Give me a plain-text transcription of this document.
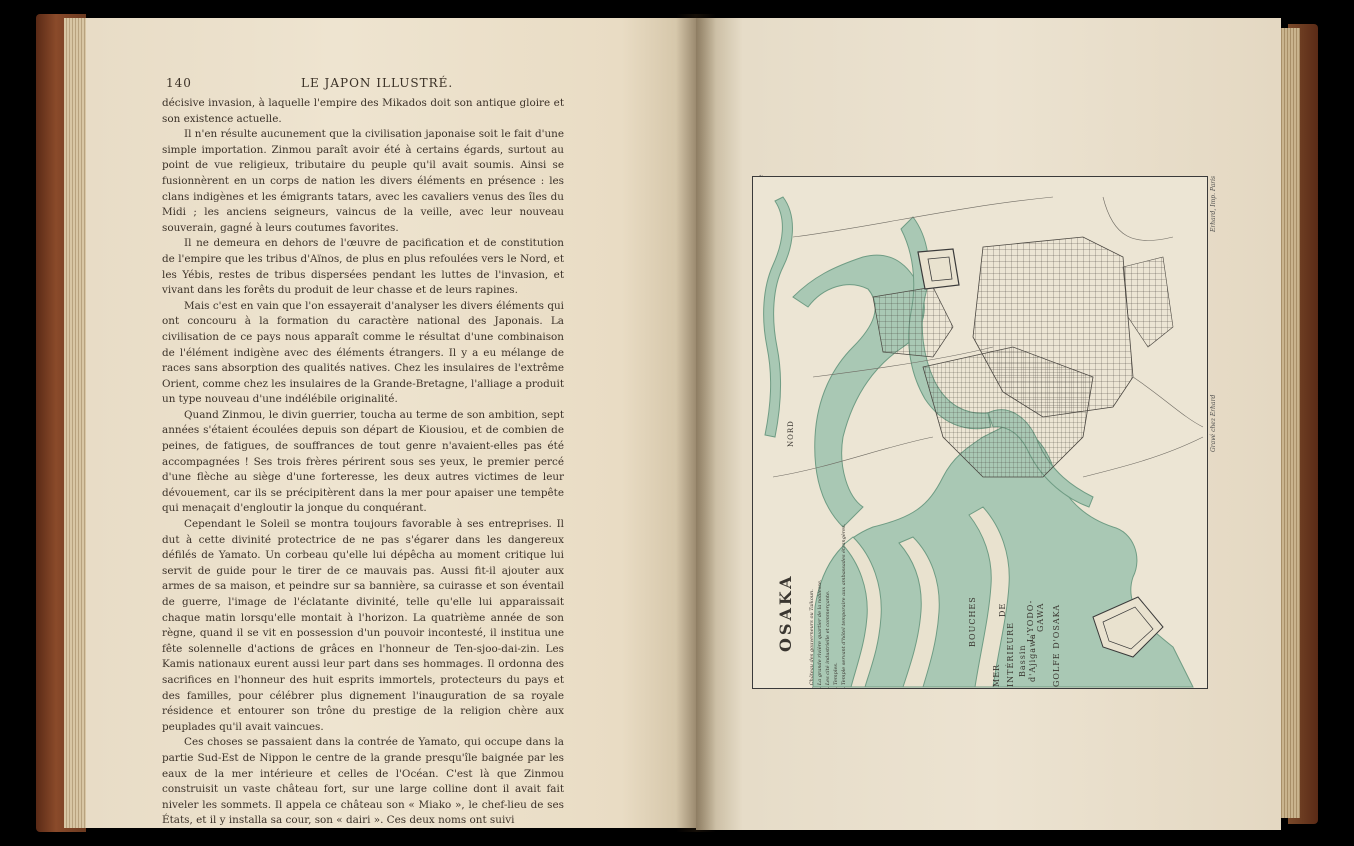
140	LE JAPON ILLUSTRÉ.

décisive invasion, à laquelle l'empire des Mikados doit son antique gloire et son existence actuelle.

Il n'en résulte aucunement que la civilisation japonaise soit le fait d'une simple importation. Zinmou paraît avoir été à certains égards, surtout au point de vue religieux, tributaire du peuple qu'il avait soumis. Ainsi se fusionnèrent en un corps de nation les divers éléments en présence : les clans indigènes et les émigrants tatars, avec les cavaliers venus des îles du Midi ; les anciens seigneurs, vaincus de la veille, avec leur nouveau souverain, gagné à leurs coutumes favorites.

Il ne demeura en dehors de l'œuvre de pacification et de constitution de l'empire que les tribus d'Aïnos, de plus en plus refoulées vers le Nord, et les Yébis, restes de tribus dispersées pendant les luttes de l'invasion, et vivant dans les forêts du produit de leur chasse et de leurs rapines.

Mais c'est en vain que l'on essayerait d'analyser les divers éléments qui ont concouru à la formation du caractère national des Japonais. La civilisation de ce pays nous apparaît comme le résultat d'une combinaison de l'élément indigène avec des éléments étrangers. Il y a eu mélange de races sans absorption des qualités natives. Chez les insulaires de l'extrême Orient, comme chez les insulaires de la Grande-Bretagne, l'alliage a produit un type nouveau d'une indélébile originalité.

Quand Zinmou, le divin guerrier, toucha au terme de son ambition, sept années s'étaient écoulées depuis son départ de Kiousiou, et de combien de peines, de fatigues, de souffrances de tout genre n'avaient-elles pas été accompagnées ! Ses trois frères périrent sous ses yeux, le premier percé d'une flèche au siège d'une forteresse, les deux autres victimes de leur dévouement, car ils se précipitèrent dans la mer pour apaiser une tempête qui menaçait d'engloutir la jonque du conquérant.

Cependant le Soleil se montra toujours favorable à ses entreprises. Il dut à cette divinité protectrice de ne pas s'égarer dans les dangereux défilés de Yamato. Un corbeau qu'elle lui dépêcha au moment critique lui servit de guide pour le tirer de ce mauvais pas. Aussi fit-il ajouter aux armes de sa maison, et peindre sur sa bannière, sa cuirasse et son éventail de guerre, l'image de l'éclatante divinité, telle qu'elle lui apparaissait chaque matin lorsqu'elle montait à l'horizon. La quatrième année de son règne, quand il se vit en possession d'un pouvoir incontesté, il institua une fête solennelle d'actions de grâces en l'honneur de Ten-sjoo-dai-zin. Les Kamis nationaux eurent aussi leur part dans ses hommages. Il ordonna des sacrifices en l'honneur des huit esprits immortels, protecteurs du pays et des familles, pour célébrer plus dignement l'inauguration de sa royale résidence et entourer son trône du prestige de la religion chère aux peuplades qu'il avait vaincues.

Ces choses se passaient dans la contrée de Yamato, qui occupe dans la partie Sud-Est de Nippon le centre de la grande presqu'île baignée par les eaux de la mer intérieure et celles de l'Océan. C'est là que Zinmou construisit un vaste château fort, sur une large colline dont il avait fait niveler les sommets. Il appela ce château son « Miako », le chef-lieu de ses États, et il y installa sa cour, son « dairi ». Ces deux noms ont suivi

Erhard, Imp. Paris
Gravé chez Erhard
OSAKA
NORD
A. Château des gouverneurs ou Taikoun. B. La grande rivière quartier de la noblesse. C. Les cité industrielle et commerçante. D. Temples. E. Temple servant d'hôtel temporaire aux ambassades étrangères.	BOUCHES	DE L'YODO- GAWA
MER INTÉRIEURE Bassin d'Ajigawa GOLFE D'OSAKA
